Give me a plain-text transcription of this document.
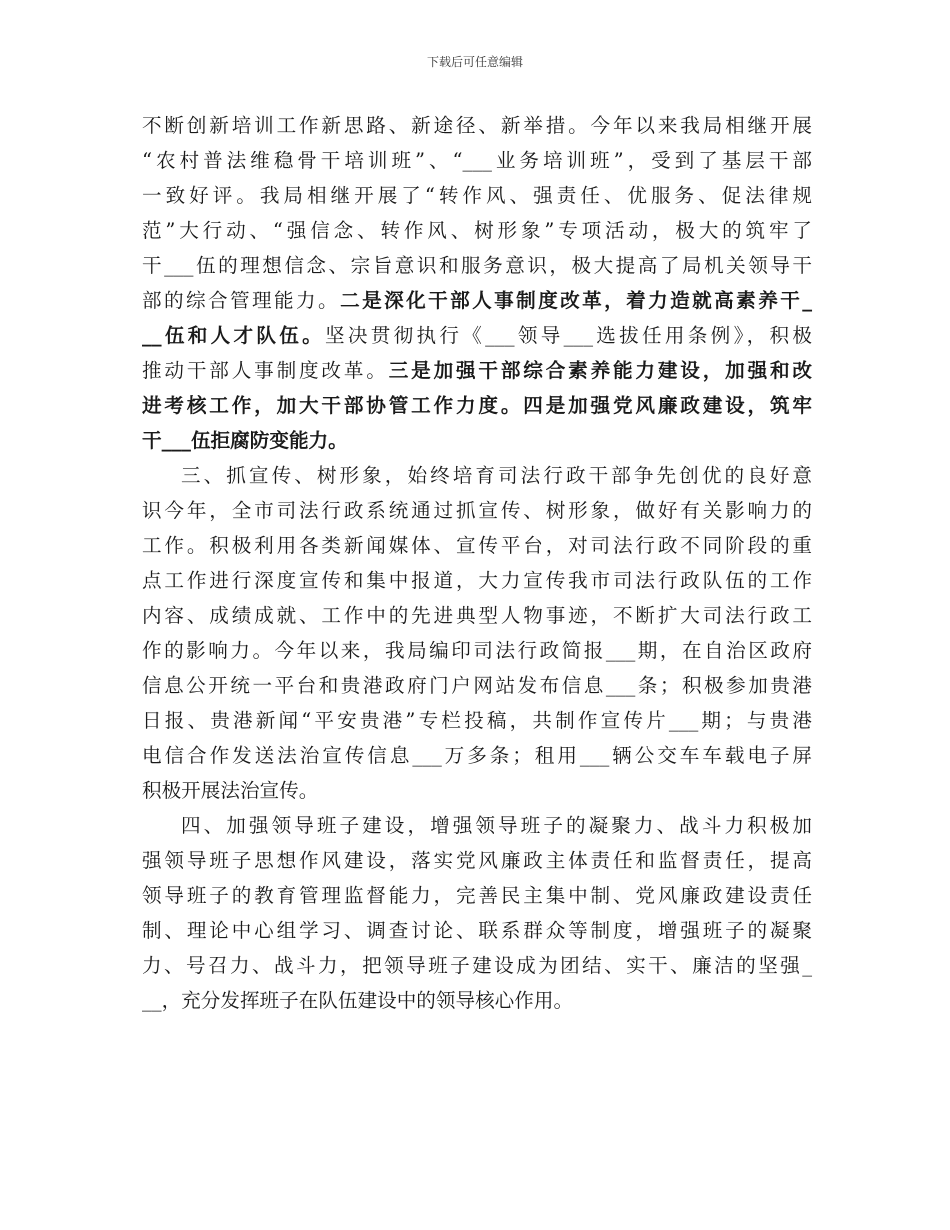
下载后可任意编辑
不断创新培训工作新思路、新途径、新举措。今年以来我局相继开展
“农村普法维稳骨干培训班”、“___业务培训班”，受到了基层干部
一致好评。我局相继开展了“转作风、强责任、优服务、促法律规
范”大行动、“强信念、转作风、树形象”专项活动，极大的筑牢了
干___伍的理想信念、宗旨意识和服务意识，极大提高了局机关领导干
部的综合管理能力。二是深化干部人事制度改革，着力造就高素养干_
__伍和人才队伍。坚决贯彻执行《___领导___选拔任用条例》，积极
推动干部人事制度改革。三是加强干部综合素养能力建设，加强和改
进考核工作，加大干部协管工作力度。四是加强党风廉政建设，筑牢
干___伍拒腐防变能力。
三、抓宣传、树形象，始终培育司法行政干部争先创优的良好意
识今年，全市司法行政系统通过抓宣传、树形象，做好有关影响力的
工作。积极利用各类新闻媒体、宣传平台，对司法行政不同阶段的重
点工作进行深度宣传和集中报道，大力宣传我市司法行政队伍的工作
内容、成绩成就、工作中的先进典型人物事迹，不断扩大司法行政工
作的影响力。今年以来，我局编印司法行政简报___期，在自治区政府
信息公开统一平台和贵港政府门户网站发布信息___条；积极参加贵港
日报、贵港新闻“平安贵港”专栏投稿，共制作宣传片___期；与贵港
电信合作发送法治宣传信息___万多条；租用___辆公交车车载电子屏
积极开展法治宣传。
四、加强领导班子建设，增强领导班子的凝聚力、战斗力积极加
强领导班子思想作风建设，落实党风廉政主体责任和监督责任，提高
领导班子的教育管理监督能力，完善民主集中制、党风廉政建设责任
制、理论中心组学习、调查讨论、联系群众等制度，增强班子的凝聚
力、号召力、战斗力，把领导班子建设成为团结、实干、廉洁的坚强_
__，充分发挥班子在队伍建设中的领导核心作用。
